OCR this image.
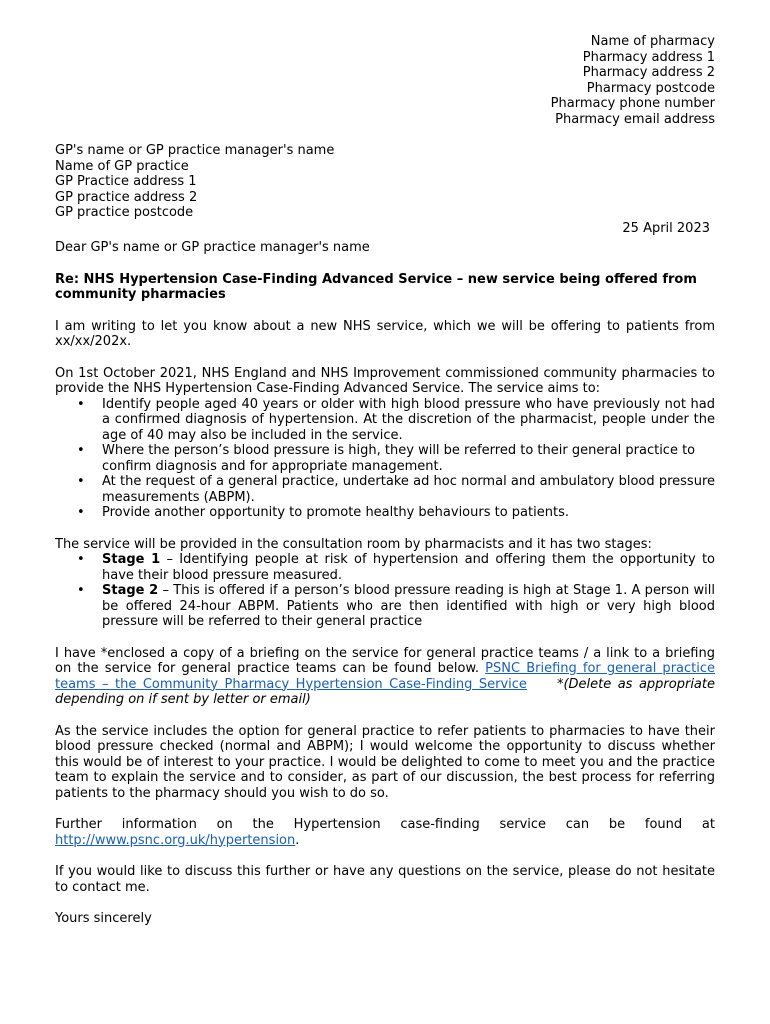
Name of pharmacy
Pharmacy address 1
Pharmacy address 2
Pharmacy postcode
Pharmacy phone number
Pharmacy email address
GP's name or GP practice manager's name
Name of GP practice
GP Practice address 1
GP practice address 2
GP practice postcode
25 April 2023

Dear GP's name or GP practice manager's name

Re: NHS Hypertension Case-Finding Advanced Service – new service being offered from community pharmacies

I am writing to let you know about a new NHS service, which we will be offering to patients from xx/xx/202x.

On 1st October 2021, NHS England and NHS Improvement commissioned community pharmacies to provide the NHS Hypertension Case-Finding Advanced Service. The service aims to:

• Identify people aged 40 years or older with high blood pressure who have previously not had a confirmed diagnosis of hypertension. At the discretion of the pharmacist, people under the age of 40 may also be included in the service.
• Where the person’s blood pressure is high, they will be referred to their general practice to
confirm diagnosis and for appropriate management.
• At the request of a general practice, undertake ad hoc normal and ambulatory blood pressure measurements (ABPM).
• Provide another opportunity to promote healthy behaviours to patients.

The service will be provided in the consultation room by pharmacists and it has two stages:

• Stage 1 – Identifying people at risk of hypertension and offering them the opportunity to have their blood pressure measured.
• Stage 2 – This is offered if a person’s blood pressure reading is high at Stage 1. A person will be offered 24-hour ABPM. Patients who are then identified with high or very high blood pressure will be referred to their general practice

I have *enclosed a copy of a briefing on the service for general practice teams / a link to a briefing on the service for general practice teams can be found below. PSNC Briefing for general practice teams – the Community Pharmacy Hypertension Case-Finding Service *(Delete as appropriate depending on if sent by letter or email)

As the service includes the option for general practice to refer patients to pharmacies to have their blood pressure checked (normal and ABPM); I would welcome the opportunity to discuss whether this would be of interest to your practice. I would be delighted to come to meet you and the practice team to explain the service and to consider, as part of our discussion, the best process for referring patients to the pharmacy should you wish to do so.

Further information on the Hypertension case-finding service can be found at
http://www.psnc.org.uk/hypertension.

If you would like to discuss this further or have any questions on the service, please do not hesitate to contact me.

Yours sincerely
